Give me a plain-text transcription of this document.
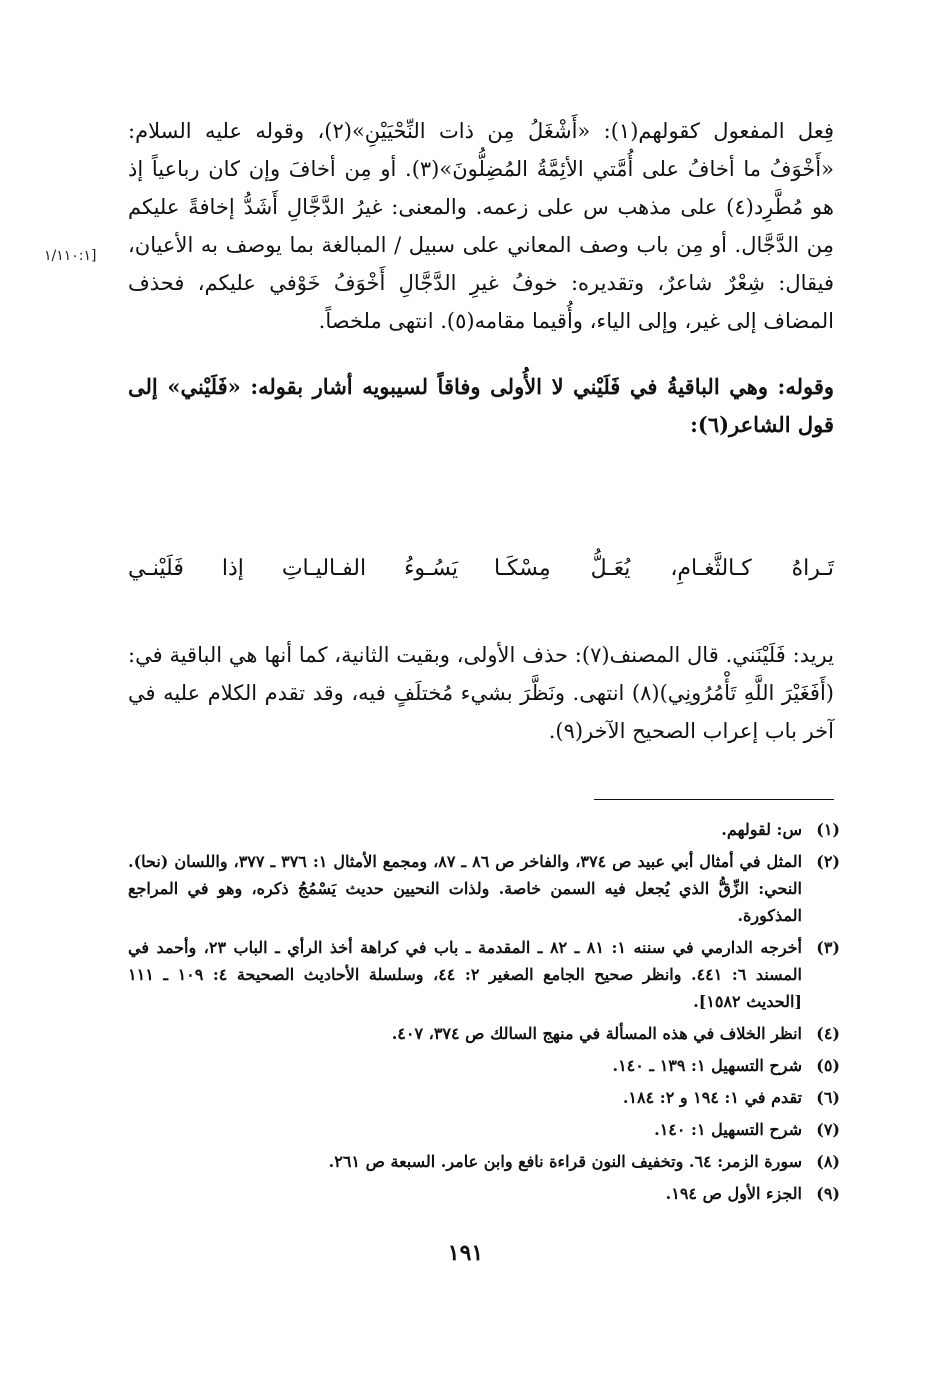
فِعل المفعول كقولهم(١): «أَشْغَلُ مِن ذات النِّحْيَيْنِ»(٢)، وقوله عليه السلام: «أَخْوَفُ ما أخافُ على أُمَّتي الأئِمَّةُ المُضِلُّونَ»(٣). أو مِن أخافَ وإن كان رباعياً إذ هو مُطَّرِد(٤) على مذهب س على زعمه. والمعنى: غيرُ الدَّجَّالِ أَشَدُّ إخافةً عليكم مِن الدَّجَّال. أو مِن باب وصف المعاني على سبيل / المبالغة بما يوصف به الأعيان، فيقال: شِعْرٌ شاعرٌ، وتقديره: خوفُ غيرِ الدَّجَّالِ أَخْوَفُ خَوْفي عليكم، فحذف المضاف إلى غير، وإلى الياء، وأُقيما مقامه(٥). انتهى ملخصاً.

وقوله: وهي الباقيةُ في فَلَيْني لا الأُولى وفاقاً لسيبويه أشار بقوله: «فَلَيْني» إلى قول الشاعر(٦):

[١/١١٠:١
تَـراهُ كـالثَّغـامِ، يُعَـلُّ مِسْكَـا
يَسُـوءُ الفـاليـاتِ إذا فَلَيْنـي

يريد: فَلَيْنَني. قال المصنف(٧): حذف الأولى، وبقيت الثانية، كما أنها هي الباقية في: (أَفَغَيْرَ اللَّهِ تَأْمُرُونِي)(٨) انتهى. ونَظَّرَ بشيء مُختلَفٍ فيه، وقد تقدم الكلام عليه في آخر باب إعراب الصحيح الآخر(٩).

(١)
س: لقولهم.
(٢)
المثل في أمثال أبي عبيد ص ٣٧٤، والفاخر ص ٨٦ ـ ٨٧، ومجمع الأمثال ١: ٣٧٦ ـ ٣٧٧، واللسان (نحا). النحي: الزِّقُّ الذي يُجعل فيه السمن خاصة. ولذات النحيين حديث يَسْمُجُ ذكره، وهو في المراجع المذكورة.
(٣)
أخرجه الدارمي في سننه ١: ٨١ ـ ٨٢ ـ المقدمة ـ باب في كراهة أخذ الرأي ـ الباب ٢٣، وأحمد في المسند ٦: ٤٤١. وانظر صحيح الجامع الصغير ٢: ٤٤، وسلسلة الأحاديث الصحيحة ٤: ١٠٩ ـ ١١١ [الحديث ١٥٨٢].
(٤)
انظر الخلاف في هذه المسألة في منهج السالك ص ٣٧٤، ٤٠٧.
(٥)
شرح التسهيل ١: ١٣٩ ـ ١٤٠.
(٦)
تقدم في ١: ١٩٤ و ٢: ١٨٤.
(٧)
شرح التسهيل ١: ١٤٠.
(٨)
سورة الزمر: ٦٤. وتخفيف النون قراءة نافع وابن عامر. السبعة ص ٢٦١.
(٩)
الجزء الأول ص ١٩٤.
١٩١
